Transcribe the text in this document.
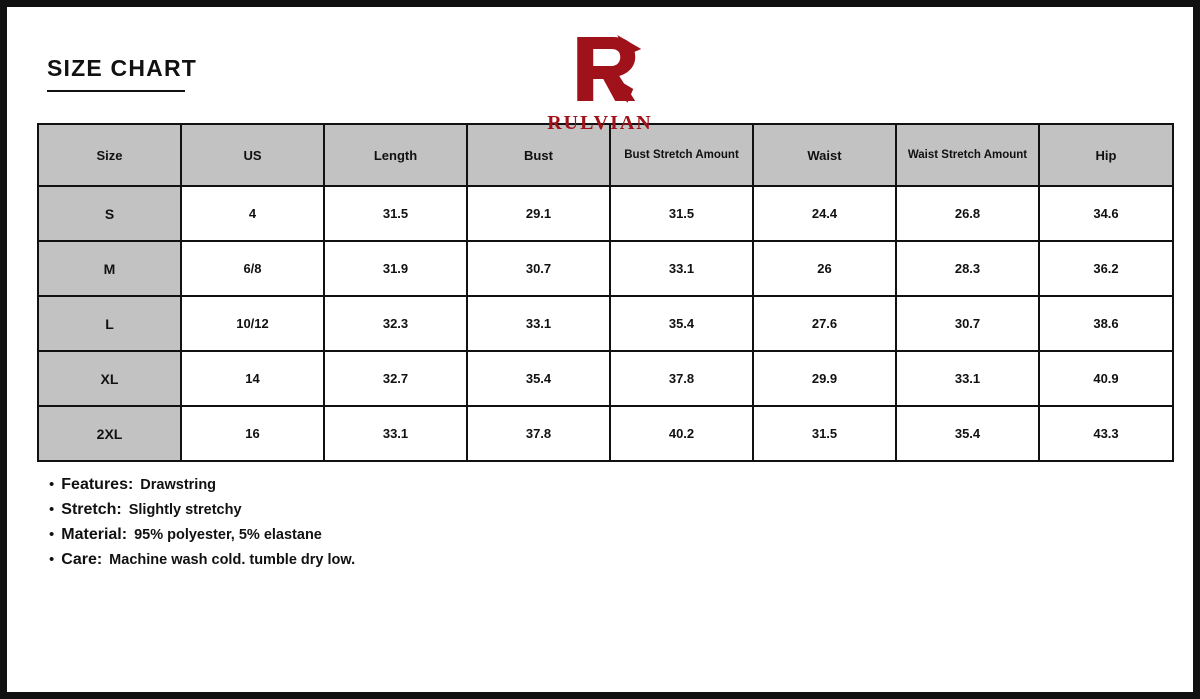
SIZE CHART
RULVIAN
Size	US	Length	Bust	Bust Stretch Amount	Waist	Waist Stretch Amount	Hip
S	4	31.5	29.1	31.5	24.4	26.8	34.6
M	6/8	31.9	30.7	33.1	26	28.3	36.2
L	10/12	32.3	33.1	35.4	27.6	30.7	38.6
XL	14	32.7	35.4	37.8	29.9	33.1	40.9
2XL	16	33.1	37.8	40.2	31.5	35.4	43.3
• Features: Drawstring
• Stretch: Slightly stretchy
• Material: 95% polyester, 5% elastane
• Care: Machine wash cold. tumble dry low.
